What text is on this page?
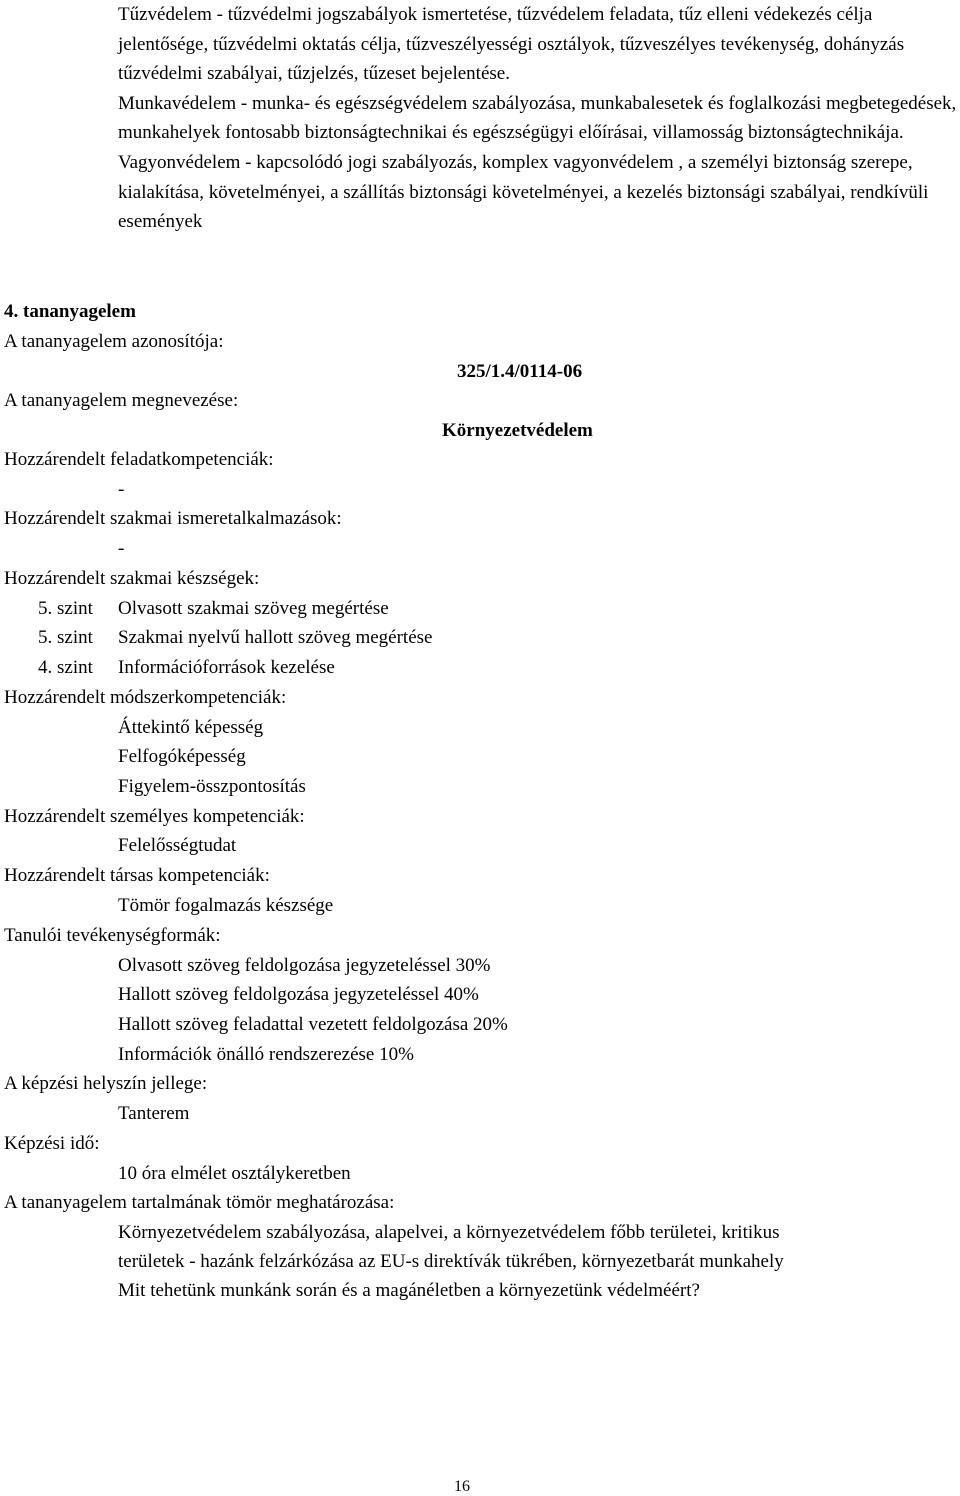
Tűzvédelem - tűzvédelmi jogszabályok ismertetése, tűzvédelem feladata, tűz elleni védekezés célja jelentősége, tűzvédelmi oktatás célja, tűzveszélyességi osztályok, tűzveszélyes tevékenység, dohányzás tűzvédelmi szabályai, tűzjelzés, tűzeset bejelentése.

Munkavédelem - munka- és egészségvédelem szabályozása, munkabalesetek és foglalkozási megbetegedések, munkahelyek fontosabb biztonságtechnikai és egészségügyi előírásai, villamosság biztonságtechnikája.

Vagyonvédelem - kapcsolódó jogi szabályozás, komplex vagyonvédelem , a személyi biztonság szerepe, kialakítása, követelményei, a szállítás biztonsági követelményei, a kezelés biztonsági szabályai, rendkívüli események

4. tananyagelem
A tananyagelem azonosítója:
325/1.4/0114-06
A tananyagelem megnevezése:
Környezetvédelem
Hozzárendelt feladatkompetenciák:
-
Hozzárendelt szakmai ismeretalkalmazások:
-
Hozzárendelt szakmai készségek:
5. szint Olvasott szakmai szöveg megértése
5. szint Szakmai nyelvű hallott szöveg megértése
4. szint Információforrások kezelése
Hozzárendelt módszerkompetenciák:
Áttekintő képesség
Felfogóképesség
Figyelem-összpontosítás
Hozzárendelt személyes kompetenciák:
Felelősségtudat
Hozzárendelt társas kompetenciák:
Tömör fogalmazás készsége
Tanulói tevékenységformák:
Olvasott szöveg feldolgozása jegyzeteléssel 30%
Hallott szöveg feldolgozása jegyzeteléssel 40%
Hallott szöveg feladattal vezetett feldolgozása 20%
Információk önálló rendszerezése 10%
A képzési helyszín jellege:
Tanterem
Képzési idő:
10 óra elmélet osztálykeretben
A tananyagelem tartalmának tömör meghatározása:
Környezetvédelem szabályozása, alapelvei, a környezetvédelem főbb területei, kritikus
területek - hazánk felzárkózása az EU-s direktívák tükrében, környezetbarát munkahely
Mit tehetünk munkánk során és a magánéletben a környezetünk védelméért?
16
